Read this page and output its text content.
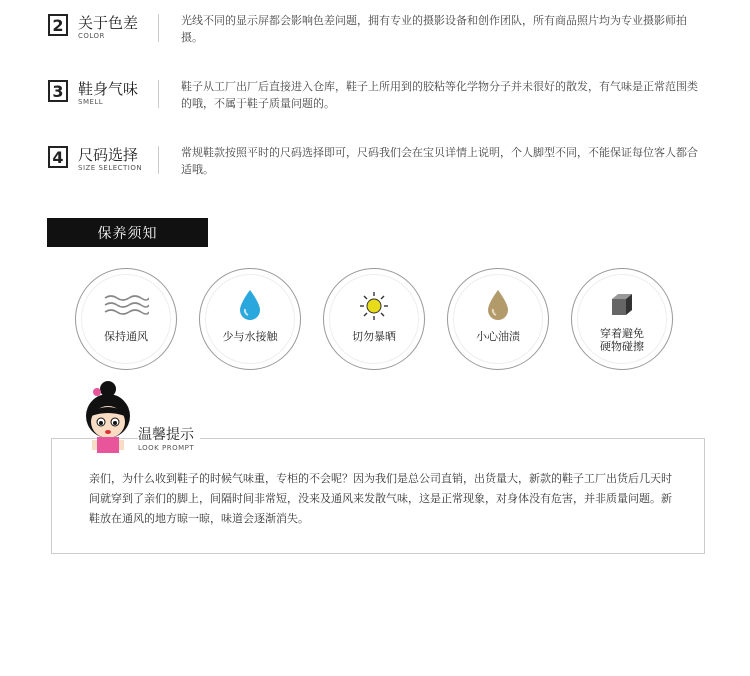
2 关于色差
COLOR
光线不同的显示屏都会影响色差问题，拥有专业的摄影设备和创作团队，所有商品照片均为专业摄影师拍摄。
3 鞋身气味
SMELL
鞋子从工厂出厂后直接进入仓库，鞋子上所用到的胶粘等化学物分子并未很好的散发，有气味是正常范围类的哦，不属于鞋子质量问题的。
4 尺码选择
SIZE SELECTION
常规鞋款按照平时的尺码选择即可，尺码我们会在宝贝详情上说明，个人脚型不同，不能保证每位客人都合适哦。
保养须知
保持通风	少与水接触	切勿暴晒	小心油渍	穿着避免
硬物碰擦
亲们，为什么收到鞋子的时候气味重，专柜的不会呢？因为我们是总公司直销，出货量大，新款的鞋子工厂出货后几天时间就穿到了亲们的脚上，间隔时间非常短，没来及通风来发散气味，这是正常现象，对身体没有危害，并非质量问题。新鞋放在通风的地方晾一晾，味道会逐渐消失。
温馨提示
LOOK PROMPT
